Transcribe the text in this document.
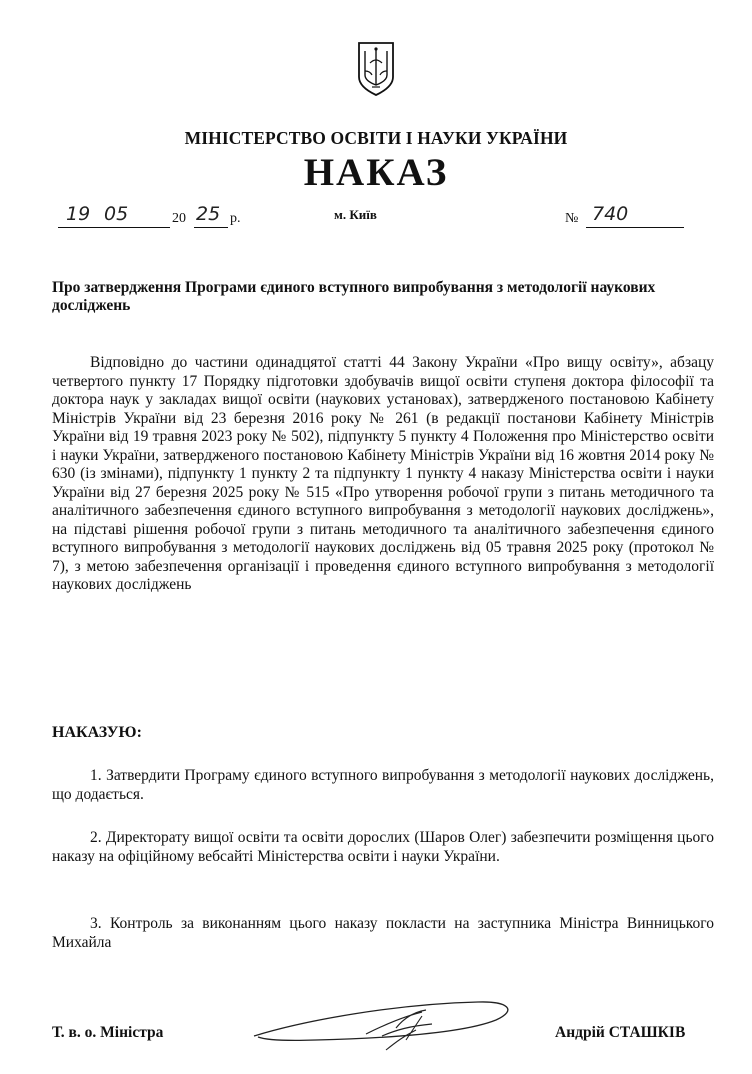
МІНІСТЕРСТВО ОСВІТИ І НАУКИ УКРАЇНИ
НАКАЗ
19 05	20 25 р.	м. Київ	№ 740
Про затвердження Програми єдиного вступного випробування з методології наукових досліджень
Відповідно до частини одинадцятої статті 44 Закону України «Про вищу освіту», абзацу четвертого пункту 17 Порядку підготовки здобувачів вищої освіти ступеня доктора філософії та доктора наук у закладах вищої освіти (наукових установах), затвердженого постановою Кабінету Міністрів України від 23 березня 2016 року № 261 (в редакції постанови Кабінету Міністрів України від 19 травня 2023 року № 502), підпункту 5 пункту 4 Положення про Міністерство освіти і науки України, затвердженого постановою Кабінету Міністрів України від 16 жовтня 2014 року № 630 (із змінами), підпункту 1 пункту 2 та підпункту 1 пункту 4 наказу Міністерства освіти і науки України від 27 березня 2025 року № 515 «Про утворення робочої групи з питань методичного та аналітичного забезпечення єдиного вступного випробування з методології наукових досліджень», на підставі рішення робочої групи з питань методичного та аналітичного забезпечення єдиного вступного випробування з методології наукових досліджень від 05 травня 2025 року (протокол № 7), з метою забезпечення організації і проведення єдиного вступного випробування з методології наукових досліджень
НАКАЗУЮ:
1. Затвердити Програму єдиного вступного випробування з методології наукових досліджень, що додається.
2. Директорату вищої освіти та освіти дорослих (Шаров Олег) забезпечити розміщення цього наказу на офіційному вебсайті Міністерства освіти і науки України.
3. Контроль за виконанням цього наказу покласти на заступника Міністра Винницького Михайла
Т. в. о. Міністра	Андрій СТАШКІВ
